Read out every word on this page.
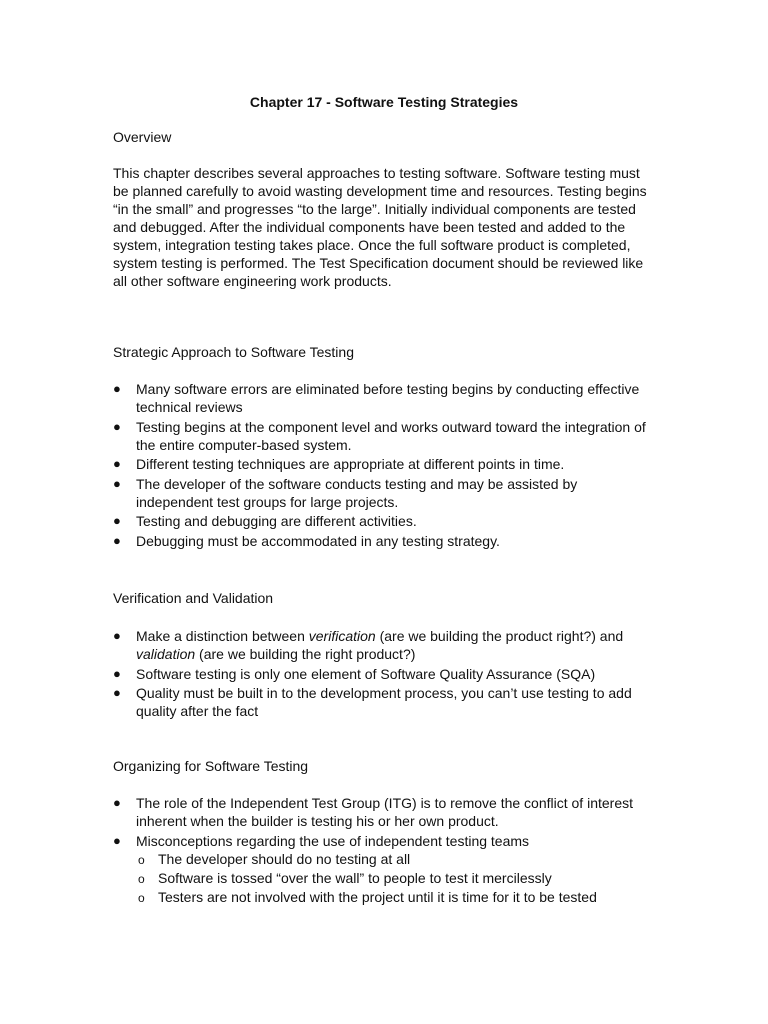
Chapter 17 - Software Testing Strategies
Overview

This chapter describes several approaches to testing software. Software testing must be planned carefully to avoid wasting development time and resources. Testing begins “in the small” and progresses “to the large”. Initially individual components are tested and debugged. After the individual components have been tested and added to the system, integration testing takes place. Once the full software product is completed, system testing is performed. The Test Specification document should be reviewed like all other software engineering work products.

Strategic Approach to Software Testing
● Many software errors are eliminated before testing begins by conducting effective technical reviews
● Testing begins at the component level and works outward toward the integration of the entire computer-based system.
● Different testing techniques are appropriate at different points in time.
● The developer of the software conducts testing and may be assisted by independent test groups for large projects.
● Testing and debugging are different activities.
● Debugging must be accommodated in any testing strategy.
Verification and Validation
● Make a distinction between verification (are we building the product right?) and validation (are we building the right product?)
● Software testing is only one element of Software Quality Assurance (SQA)
● Quality must be built in to the development process, you can’t use testing to add quality after the fact
Organizing for Software Testing
● The role of the Independent Test Group (ITG) is to remove the conflict of interest inherent when the builder is testing his or her own product.
● Misconceptions regarding the use of independent testing teams
o The developer should do no testing at all
o Software is tossed “over the wall” to people to test it mercilessly
o Testers are not involved with the project until it is time for it to be tested
